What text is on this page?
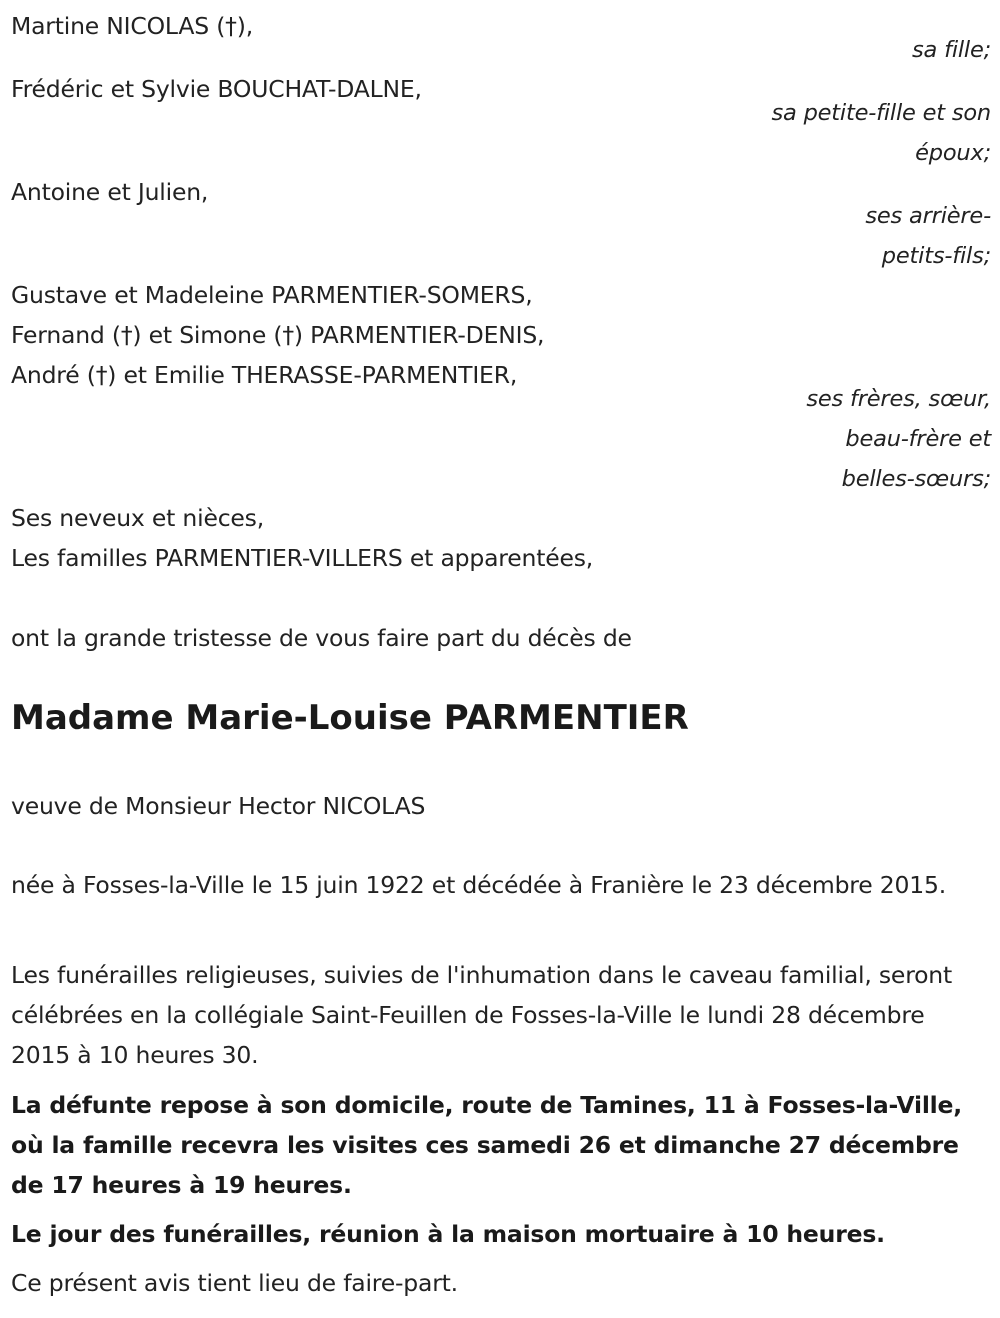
Martine NICOLAS (†),
sa fille;
Frédéric et Sylvie BOUCHAT-DALNE,
sa petite-fille et son
époux;
Antoine et Julien,
ses arrière-
petits-fils;
Gustave et Madeleine PARMENTIER-SOMERS,
Fernand (†) et Simone (†) PARMENTIER-DENIS,
André (†) et Emilie THERASSE-PARMENTIER,
ses frères, sœur,
beau-frère et
belles-sœurs;
Ses neveux et nièces,
Les familles PARMENTIER-VILLERS et apparentées,
ont la grande tristesse de vous faire part du décès de
Madame Marie-Louise PARMENTIER
veuve de Monsieur Hector NICOLAS
née à Fosses-la-Ville le 15 juin 1922 et décédée à Franière le 23 décembre 2015.
Les funérailles religieuses, suivies de l'inhumation dans le caveau familial, seront célébrées en la collégiale Saint-Feuillen de Fosses-la-Ville le lundi 28 décembre 2015 à 10 heures 30.
La défunte repose à son domicile, route de Tamines, 11 à Fosses-la-Ville, où la famille recevra les visites ces samedi 26 et dimanche 27 décembre de 17 heures à 19 heures.
Le jour des funérailles, réunion à la maison mortuaire à 10 heures.
Ce présent avis tient lieu de faire-part.
